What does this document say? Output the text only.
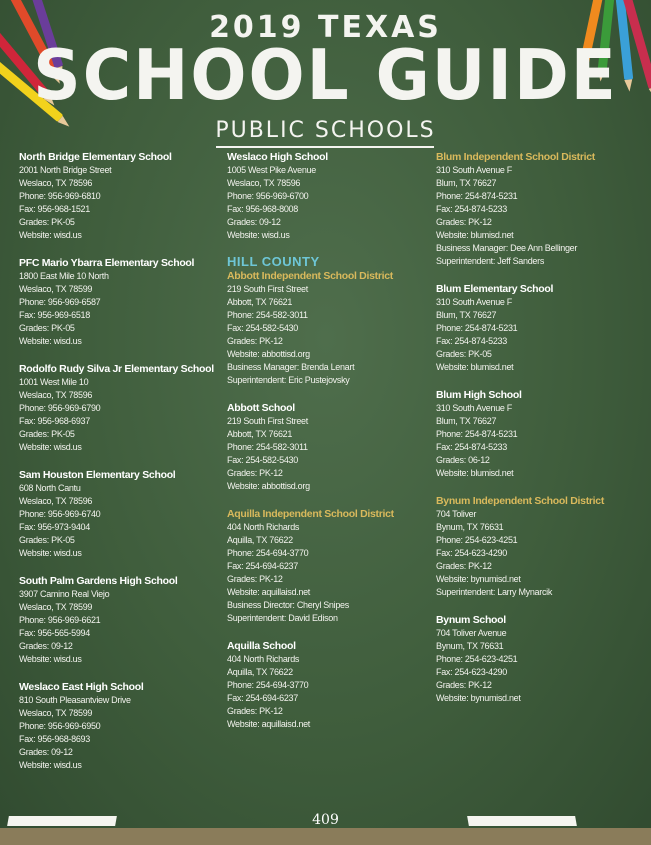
2019 TEXAS
SCHOOL GUIDE
PUBLIC SCHOOLS
North Bridge Elementary School
2001 North Bridge Street
Weslaco, TX 78596
Phone: 956-969-6810
Fax: 956-968-1521
Grades: PK-05
Website: wisd.us
PFC Mario Ybarra Elementary School
1800 East Mile 10 North
Weslaco, TX 78599
Phone: 956-969-6587
Fax: 956-969-6518
Grades: PK-05
Website: wisd.us
Rodolfo Rudy Silva Jr Elementary School
1001 West Mile 10
Weslaco, TX 78596
Phone: 956-969-6790
Fax: 956-968-6937
Grades: PK-05
Website: wisd.us
Sam Houston Elementary School
608 North Cantu
Weslaco, TX 78596
Phone: 956-969-6740
Fax: 956-973-9404
Grades: PK-05
Website: wisd.us
South Palm Gardens High School
3907 Camino Real Viejo
Weslaco, TX 78599
Phone: 956-969-6621
Fax: 956-565-5994
Grades: 09-12
Website: wisd.us
Weslaco East High School
810 South Pleasantview Drive
Weslaco, TX 78599
Phone: 956-969-6950
Fax: 956-968-8693
Grades: 09-12
Website: wisd.us
Weslaco High School
1005 West Pike Avenue
Weslaco, TX 78596
Phone: 956-969-6700
Fax: 956-968-8008
Grades: 09-12
Website: wisd.us
HILL COUNTY
Abbott Independent School District
219 South First Street
Abbott, TX 76621
Phone: 254-582-3011
Fax: 254-582-5430
Grades: PK-12
Website: abbottisd.org
Business Manager: Brenda Lenart
Superintendent: Eric Pustejovsky
Abbott School
219 South First Street
Abbott, TX 76621
Phone: 254-582-3011
Fax: 254-582-5430
Grades: PK-12
Website: abbottisd.org
Aquilla Independent School District
404 North Richards
Aquilla, TX 76622
Phone: 254-694-3770
Fax: 254-694-6237
Grades: PK-12
Website: aquillaisd.net
Business Director: Cheryl Snipes
Superintendent: David Edison
Aquilla School
404 North Richards
Aquilla, TX 76622
Phone: 254-694-3770
Fax: 254-694-6237
Grades: PK-12
Website: aquillaisd.net
Blum Independent School District
310 South Avenue F
Blum, TX 76627
Phone: 254-874-5231
Fax: 254-874-5233
Grades: PK-12
Website: blumisd.net
Business Manager: Dee Ann Bellinger
Superintendent: Jeff Sanders
Blum Elementary School
310 South Avenue F
Blum, TX 76627
Phone: 254-874-5231
Fax: 254-874-5233
Grades: PK-05
Website: blumisd.net
Blum High School
310 South Avenue F
Blum, TX 76627
Phone: 254-874-5231
Fax: 254-874-5233
Grades: 06-12
Website: blumisd.net
Bynum Independent School District
704 Toliver
Bynum, TX 76631
Phone: 254-623-4251
Fax: 254-623-4290
Grades: PK-12
Website: bynumisd.net
Superintendent: Larry Mynarcik
Bynum School
704 Toliver Avenue
Bynum, TX 76631
Phone: 254-623-4251
Fax: 254-623-4290
Grades: PK-12
Website: bynumisd.net
409
